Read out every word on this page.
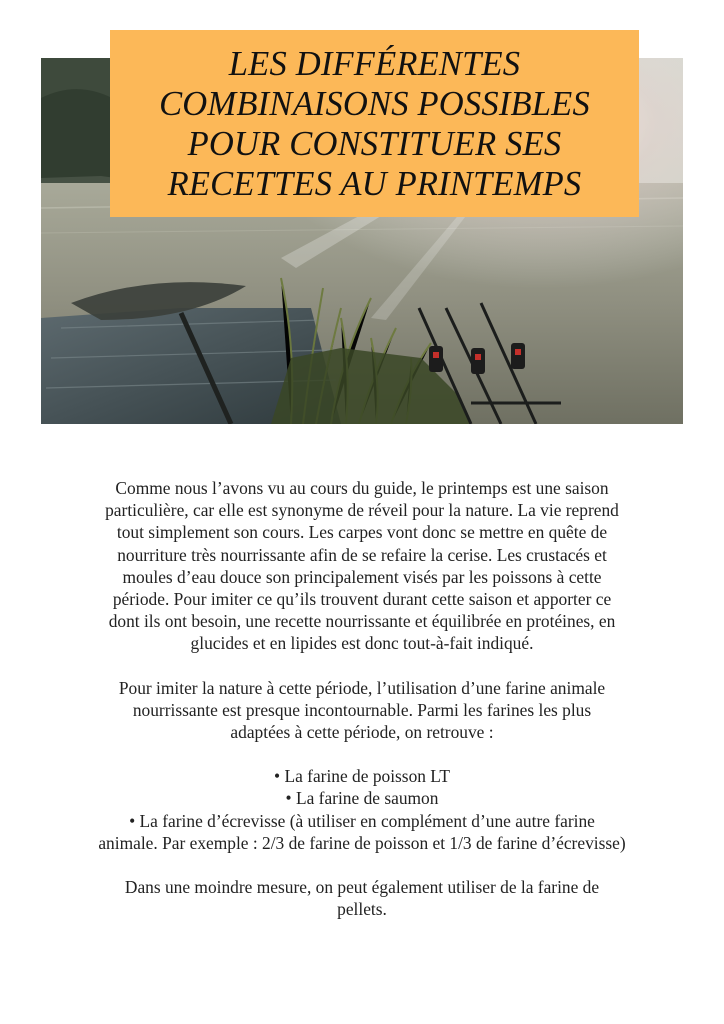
LES DIFFÉRENTES
COMBINAISONS POSSIBLES
POUR CONSTITUER SES
RECETTES AU PRINTEMPS

Comme nous l’avons vu au cours du guide, le printemps est une saison
particulière, car elle est synonyme de réveil pour la nature. La vie reprend
tout simplement son cours. Les carpes vont donc se mettre en quête de
nourriture très nourrissante afin de se refaire la cerise. Les crustacés et
moules d’eau douce son principalement visés par les poissons à cette
période. Pour imiter ce qu’ils trouvent durant cette saison et apporter ce
dont ils ont besoin, une recette nourrissante et équilibrée en protéines, en
glucides et en lipides est donc tout-à-fait indiqué.

Pour imiter la nature à cette période, l’utilisation d’une farine animale
nourrissante est presque incontournable. Parmi les farines les plus
adaptées à cette période, on retrouve :

• La farine de poisson LT
• La farine de saumon
• La farine d’écrevisse (à utiliser en complément d’une autre farine
animale. Par exemple : 2/3 de farine de poisson et 1/3 de farine d’écrevisse)

Dans une moindre mesure, on peut également utiliser de la farine de
pellets.
